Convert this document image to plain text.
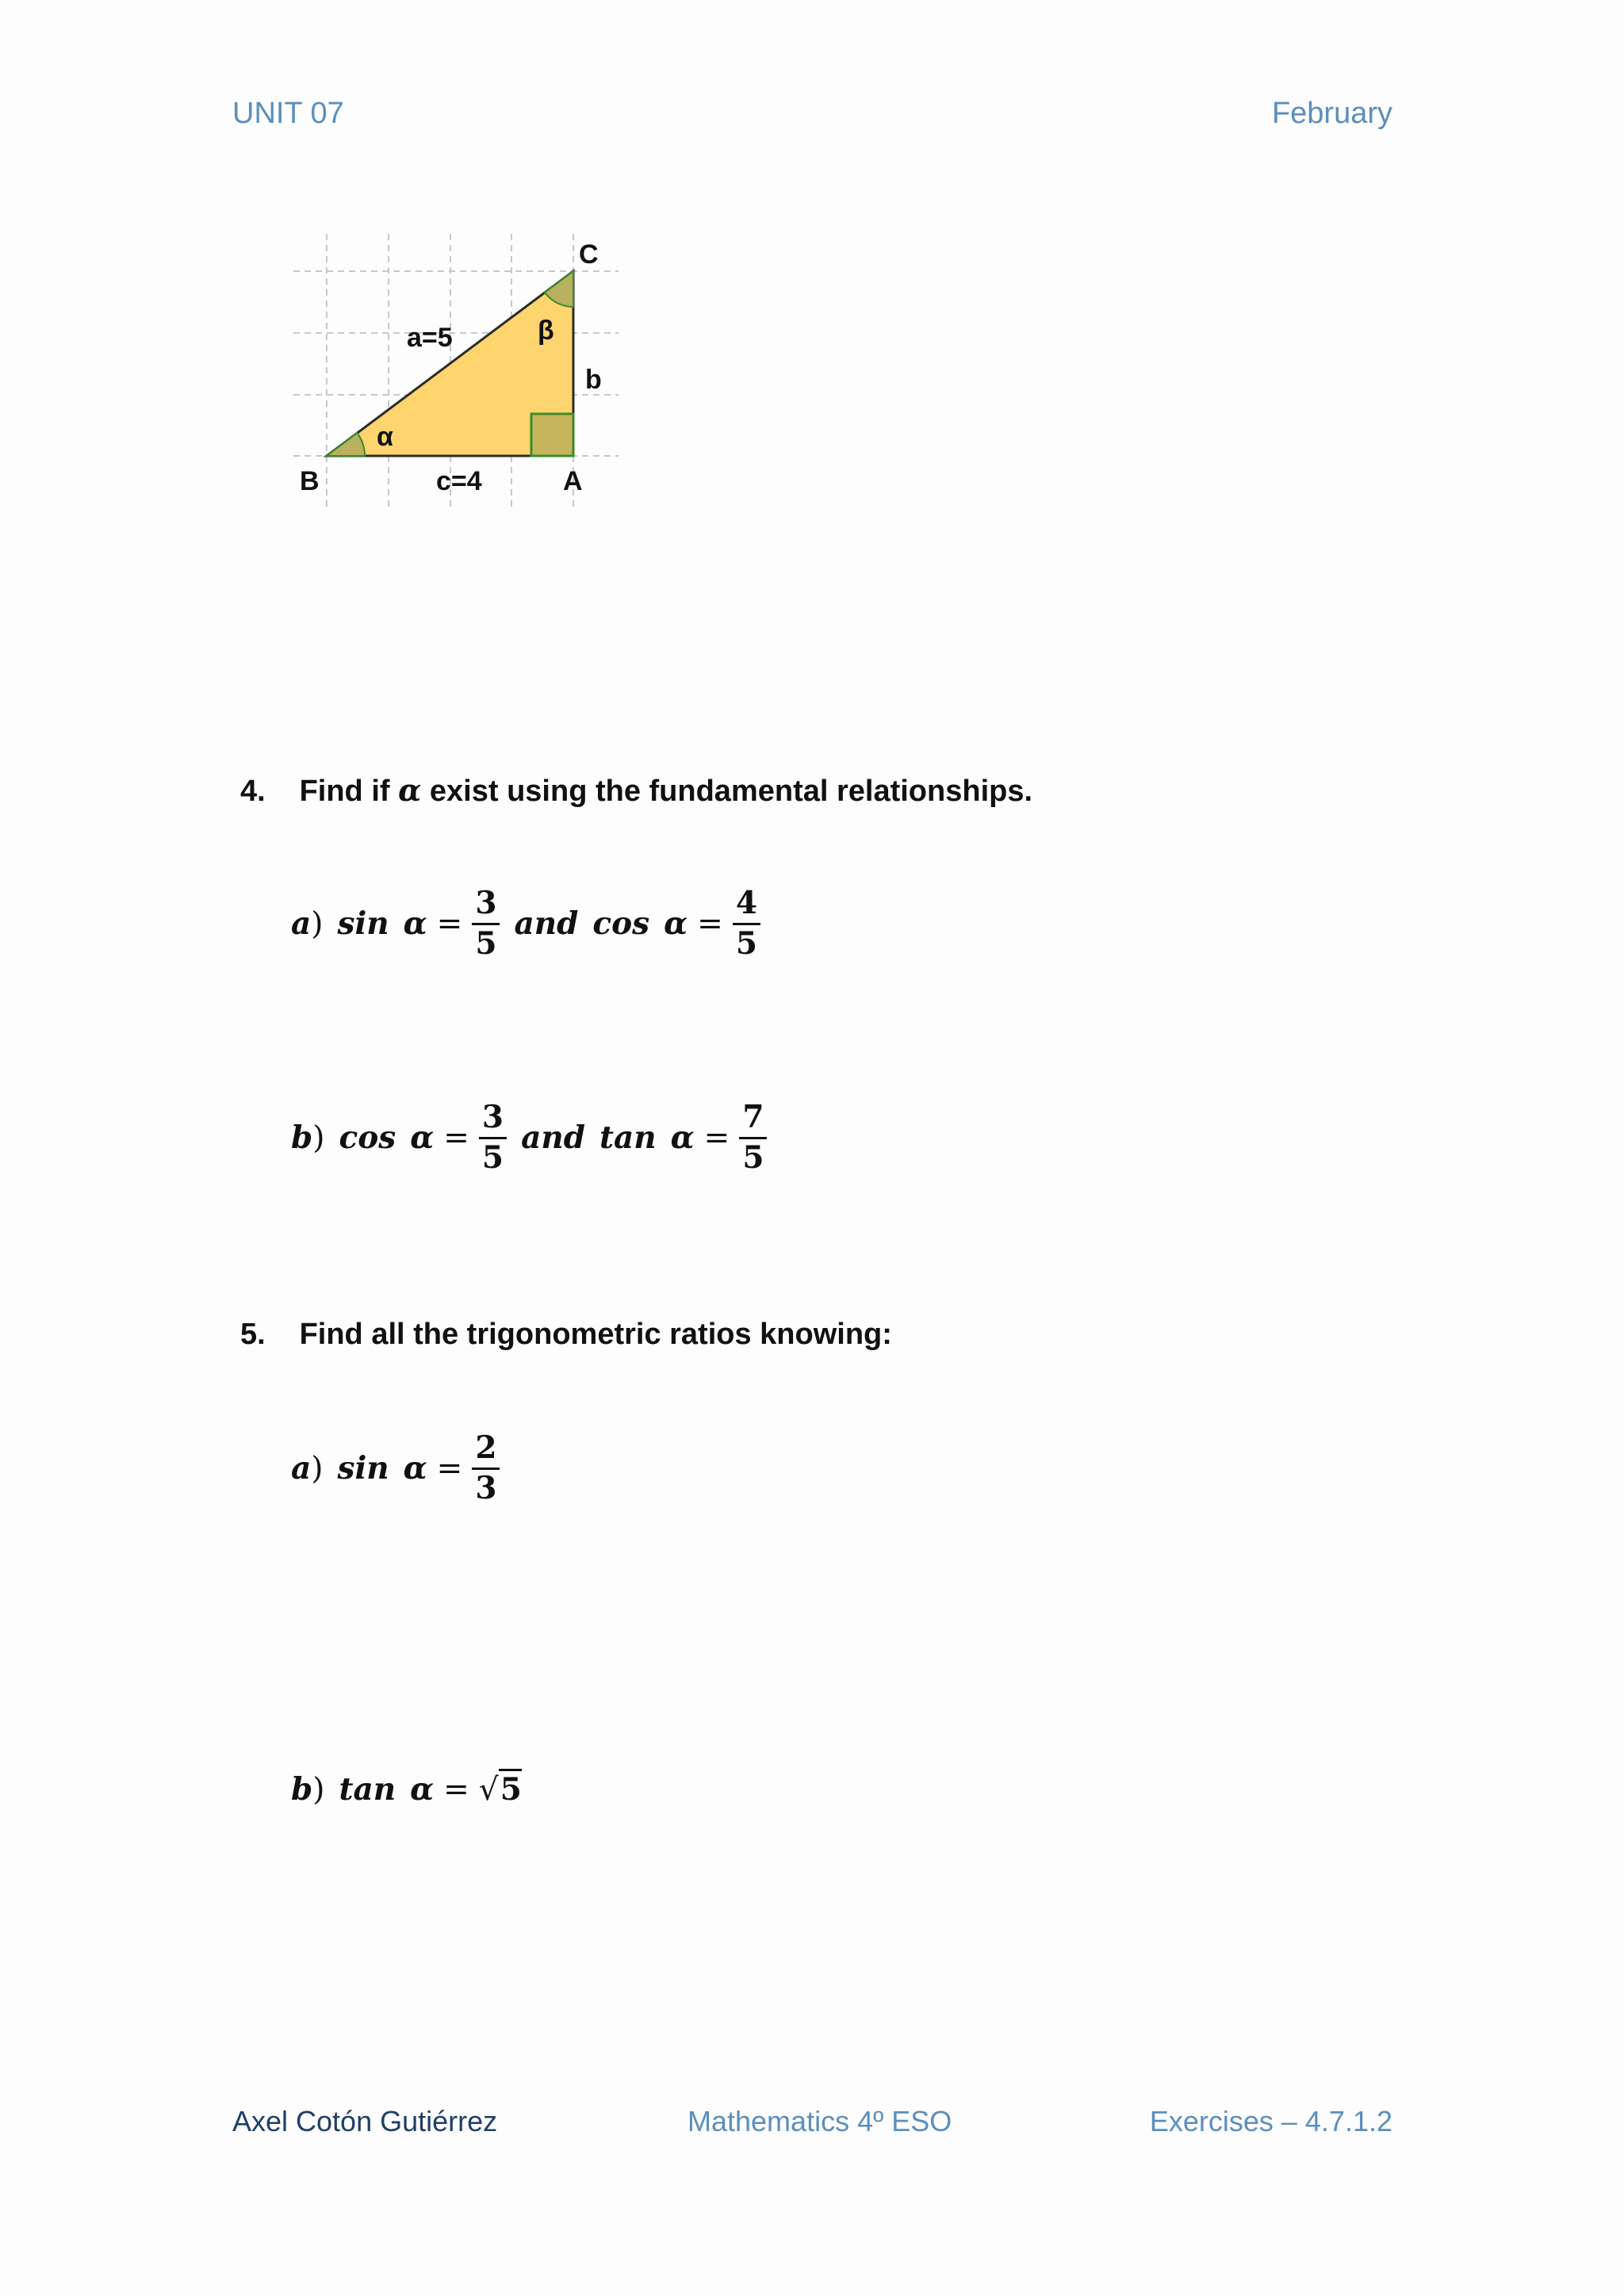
UNIT 07	February
C
B	A
a=5
c=4
b
α
β
4. Find if α exist using the fundamental relationships.
a ) $\sin \alpha = \frac{3}{5}$ and $\cos \alpha = \frac{4}{5}$
b ) $\cos \alpha = \frac{3}{5}$ and $\tan \alpha = \frac{7}{5}$
5. Find all the trigonometric ratios knowing:
a ) $\sin \alpha = \frac{2}{3}$
b ) tan α = √5
Axel Cotón Gutiérrez	Mathematics 4º ESO	Exercises – 4.7.1.2
